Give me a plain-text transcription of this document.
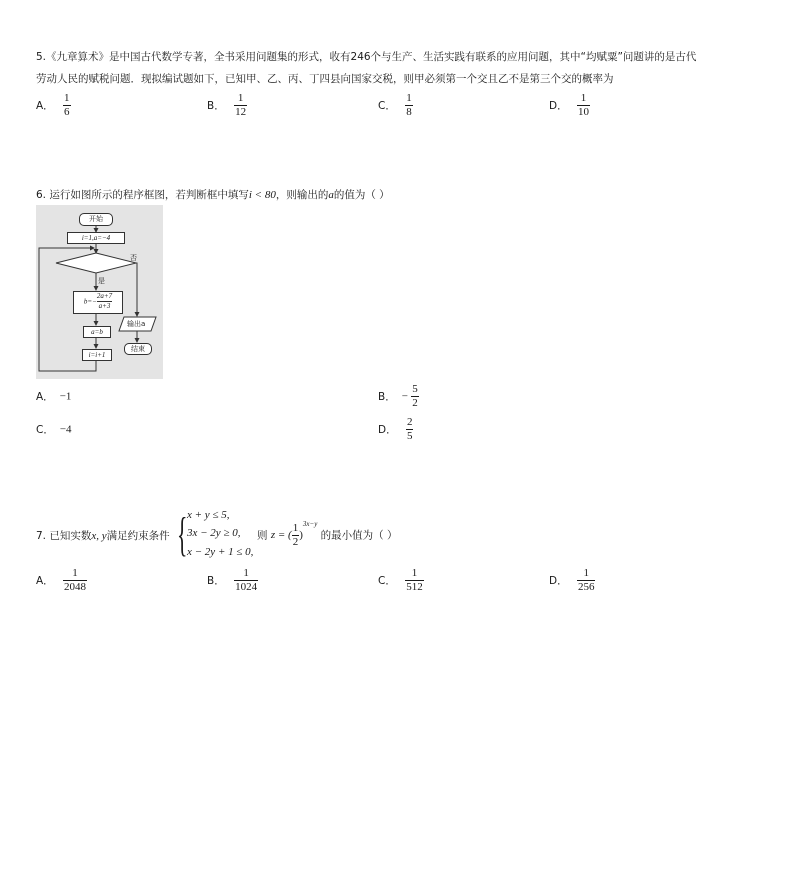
5.《九章算术》是中国古代数学专著，全书采用问题集的形式，收有246个与生产、生活实践有联系的应用问题，其中“均赋粟”问题讲的是古代
劳动人民的赋税问题．现拟编试题如下，已知甲、乙、丙、丁四县向国家交税，则甲必须第一个交且乙不是第三个交的概率为
A． $\frac{1}{6}$	B． $\frac{1}{12}$	C． $\frac{1}{8}$	D． $\frac{1}{10}$
6. 运行如图所示的程序框图，若判断框中填写i < 80，则输出的a的值为（ ）
开始
i=1,a=−4
否
是
$b=- \frac{2a+7}{a+3}$
a=b
i=i+1
输出a
结束
A． −1	B． − $\frac{5}{2}$
C． −4	D． $\frac{2}{5}$
7. 已知实数x, y满足约束条件 { x + y ≤ 5,
3x − 2y ≥ 0,
x − 2y + 1 ≤ 0,
则 z = ( $\frac{1}{2} )^{3x-y}$ 的最小值为（ ）
A． $\frac{1}{2048}$	B． $\frac{1}{1024}$	C． $\frac{1}{512}$	D． $\frac{1}{256}$
